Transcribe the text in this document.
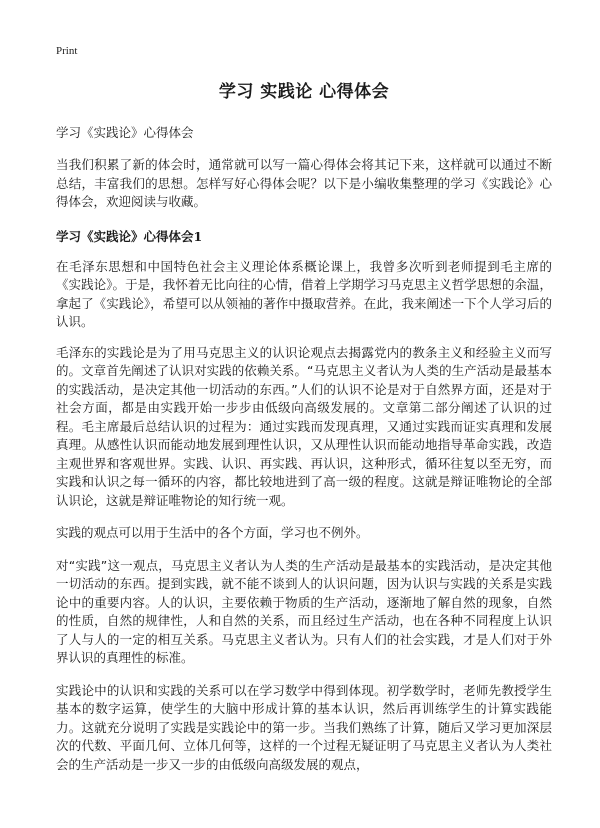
Print
学习 实践论 心得体会
学习《实践论》心得体会

当我们积累了新的体会时，通常就可以写一篇心得体会将其记下来，这样就可以通过不断总结，丰富我们的思想。怎样写好心得体会呢？以下是小编收集整理的学习《实践论》心得体会，欢迎阅读与收藏。

学习《实践论》心得体会1

在毛泽东思想和中国特色社会主义理论体系概论课上，我曾多次听到老师提到毛主席的《实践论》。于是，我怀着无比向往的心情，借着上学期学习马克思主义哲学思想的余温，拿起了《实践论》，希望可以从领袖的著作中摄取营养。在此，我来阐述一下个人学习后的认识。

毛泽东的实践论是为了用马克思主义的认识论观点去揭露党内的教条主义和经验主义而写的。文章首先阐述了认识对实践的依赖关系。“马克思主义者认为人类的生产活动是最基本的实践活动，是决定其他一切活动的东西。”人们的认识不论是对于自然界方面，还是对于社会方面，都是由实践开始一步步由低级向高级发展的。文章第二部分阐述了认识的过程。毛主席最后总结认识的过程为：通过实践而发现真理，又通过实践而证实真理和发展真理。从感性认识而能动地发展到理性认识，又从理性认识而能动地指导革命实践，改造主观世界和客观世界。实践、认识、再实践、再认识，这种形式，循环往复以至无穷，而实践和认识之每一循环的内容，都比较地进到了高一级的程度。这就是辩证唯物论的全部认识论，这就是辩证唯物论的知行统一观。

实践的观点可以用于生活中的各个方面，学习也不例外。

对“实践”这一观点，马克思主义者认为人类的生产活动是最基本的实践活动，是决定其他一切活动的东西。提到实践，就不能不谈到人的认识问题，因为认识与实践的关系是实践论中的重要内容。人的认识，主要依赖于物质的生产活动，逐渐地了解自然的现象，自然的性质，自然的规律性，人和自然的关系，而且经过生产活动，也在各种不同程度上认识了人与人的一定的相互关系。马克思主义者认为。只有人们的社会实践，才是人们对于外界认识的真理性的标准。

实践论中的认识和实践的关系可以在学习数学中得到体现。初学数学时，老师先教授学生基本的数字运算，使学生的大脑中形成计算的基本认识，然后再训练学生的计算实践能力。这就充分说明了实践是实践论中的第一步。当我们熟练了计算，随后又学习更加深层次的代数、平面几何、立体几何等，这样的一个过程无疑证明了马克思主义者认为人类社会的生产活动是一步又一步的由低级向高级发展的观点，
